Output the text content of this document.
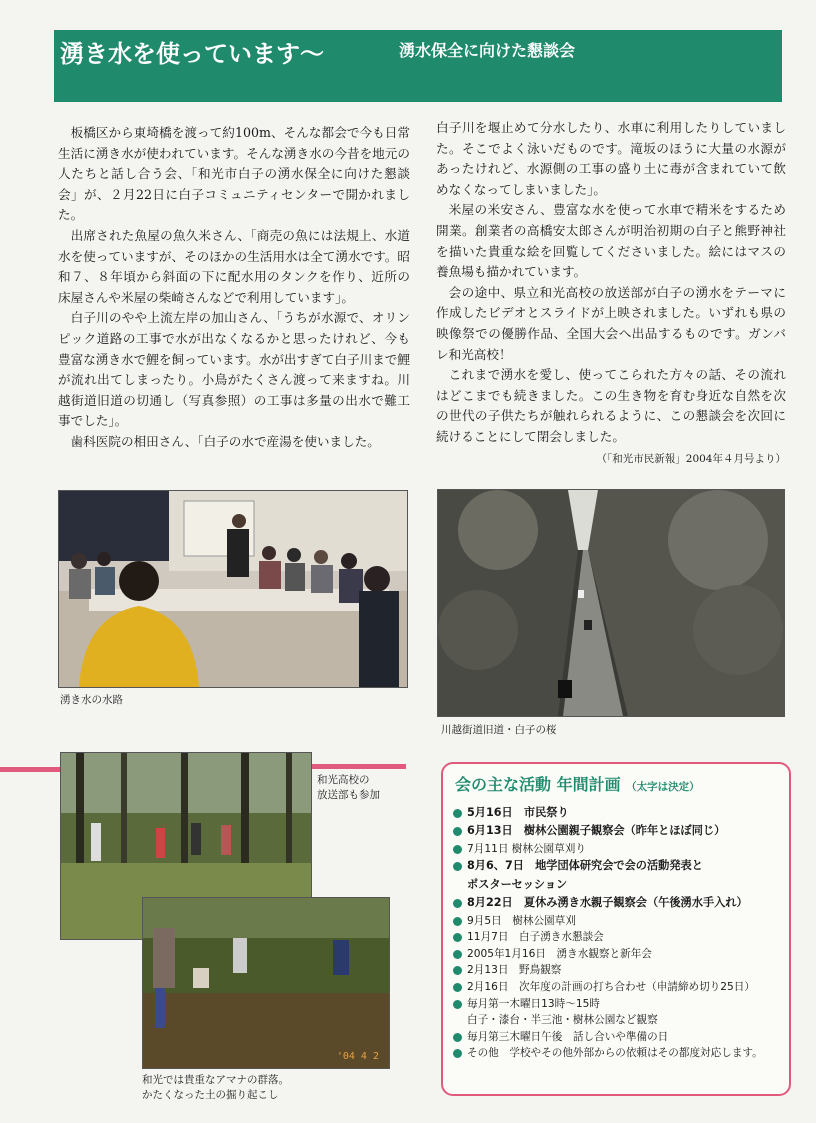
湧き水を使っています〜	湧水保全に向けた懇談会

板橋区から東埼橋を渡って約100m、そんな都会で今も日常生活に湧き水が使われています。そんな湧き水の今昔を地元の人たちと話し合う会、「和光市白子の湧水保全に向けた懇談会」が、２月22日に白子コミュニティセンターで開かれました。

出席された魚屋の魚久米さん、「商売の魚には法規上、水道水を使っていますが、そのほかの生活用水は全て湧水です。昭和７、８年頃から斜面の下に配水用のタンクを作り、近所の床屋さんや米屋の柴崎さんなどで利用しています」。

白子川のやや上流左岸の加山さん、「うちが水源で、オリンピック道路の工事で水が出なくなるかと思ったけれど、今も豊富な湧き水で鯉を飼っています。水が出すぎて白子川まで鯉が流れ出てしまったり。小鳥がたくさん渡って来ますね。川越街道旧道の切通し（写真参照）の工事は多量の出水で難工事でした」。

歯科医院の相田さん、「白子の水で産湯を使いました。

白子川を堰止めて分水したり、水車に利用したりしていました。そこでよく泳いだものです。滝坂のほうに大量の水源があったけれど、水源側の工事の盛り土に毒が含まれていて飲めなくなってしまいました」。

米屋の米安さん、豊富な水を使って水車で精米をするため開業。創業者の高橋安太郎さんが明治初期の白子と熊野神社を描いた貴重な絵を回覧してくださいました。絵にはマスの養魚場も描かれています。

会の途中、県立和光高校の放送部が白子の湧水をテーマに作成したビデオとスライドが上映されました。いずれも県の映像祭での優勝作品、全国大会へ出品するものです。ガンバレ和光高校！

これまで湧水を愛し、使ってこられた方々の話、その流れはどこまでも続きました。この生き物を育む身近な自然を次の世代の子供たちが触れられるように、この懇談会を次回に続けることにして閉会しました。

（「和光市民新報」2004年４月号より）
湧き水の水路
川越街道旧道・白子の桜
和光高校の
放送部も参加
'04 4 2
和光では貴重なアマナの群落。
かたくなった土の掘り起こし
会の主な活動 年間計画 （太字は決定）
5月16日　市民祭り
6月13日　樹林公園親子観察会（昨年とほぼ同じ）
7月11日 樹林公園草刈り
8月6、7日　地学団体研究会で会の活動発表と
ポスターセッション
8月22日　夏休み湧き水親子観察会（午後湧水手入れ）
9月5日　樹林公園草刈
11月7日　白子湧き水懇談会
2005年1月16日　湧き水観察と新年会
2月13日　野鳥観察
2月16日　次年度の計画の打ち合わせ（申請締め切り25日）
毎月第一木曜日13時〜15時
白子・漆台・半三池・樹林公園など観察
毎月第三木曜日午後　話し合いや準備の日
その他　学校やその他外部からの依頼はその都度対応します。
